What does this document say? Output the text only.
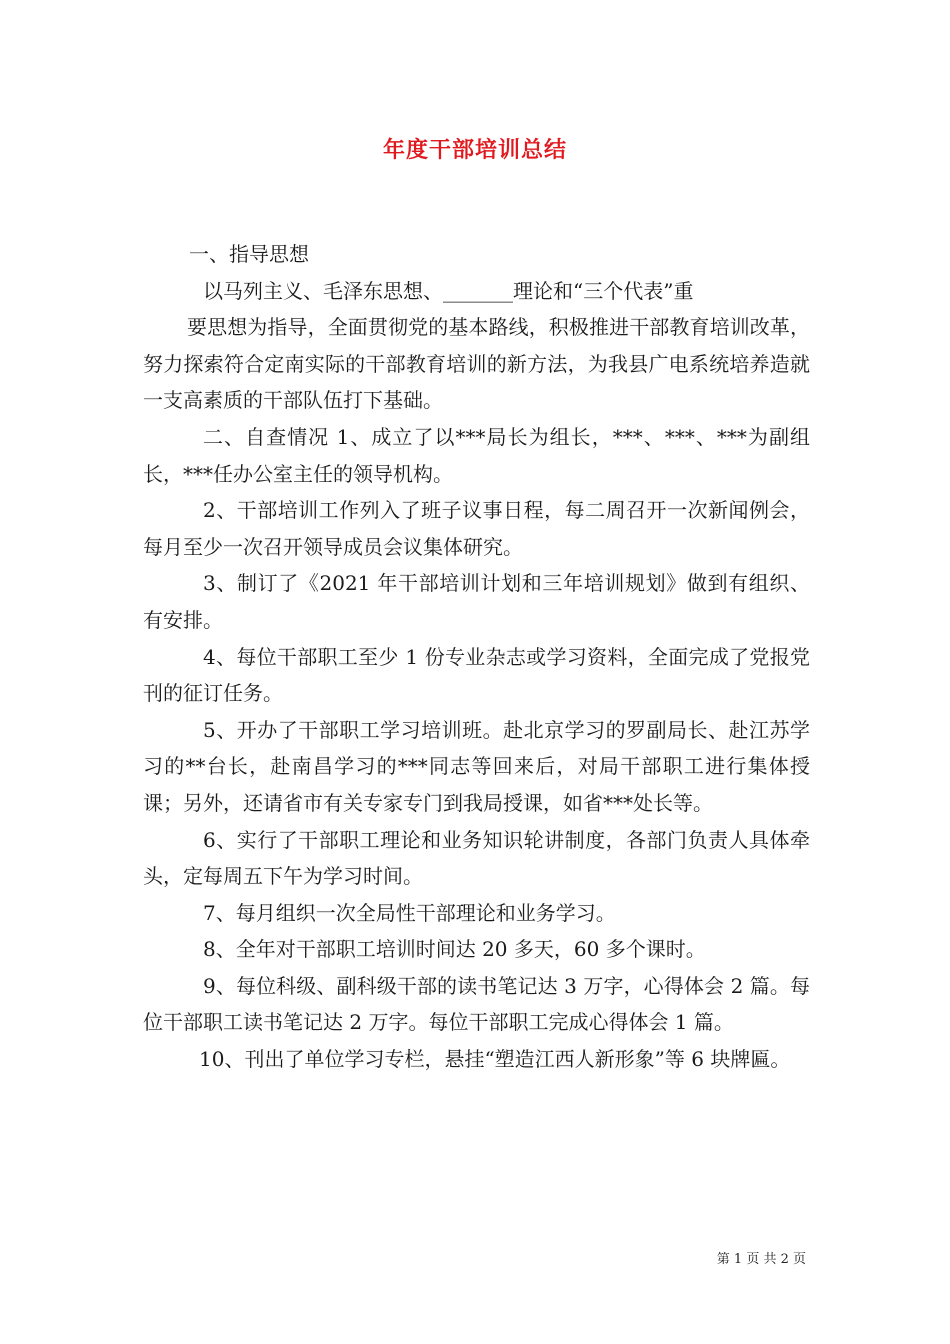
年度干部培训总结

一、指导思想

以马列主义、毛泽东思想、_______理论和“三个代表”重

要思想为指导，全面贯彻党的基本路线，积极推进干部教育培训改革，努力探索符合定南实际的干部教育培训的新方法，为我县广电系统培养造就一支高素质的干部队伍打下基础。

二、自查情况 1、成立了以***局长为组长，***、***、***为副组长，***任办公室主任的领导机构。

2、干部培训工作列入了班子议事日程，每二周召开一次新闻例会，每月至少一次召开领导成员会议集体研究。

3、制订了《2021 年干部培训计划和三年培训规划》做到有组织、有安排。

4、每位干部职工至少 1 份专业杂志或学习资料，全面完成了党报党刊的征订任务。

5、开办了干部职工学习培训班。赴北京学习的罗副局长、赴江苏学习的**台长，赴南昌学习的***同志等回来后，对局干部职工进行集体授课；另外，还请省市有关专家专门到我局授课，如省***处长等。

6、实行了干部职工理论和业务知识轮讲制度，各部门负责人具体牵头，定每周五下午为学习时间。

7、每月组织一次全局性干部理论和业务学习。

8、全年对干部职工培训时间达 20 多天，60 多个课时。

9、每位科级、副科级干部的读书笔记达 3 万字，心得体会 2 篇。每位干部职工读书笔记达 2 万字。每位干部职工完成心得体会 1 篇。

10、刊出了单位学习专栏，悬挂“塑造江西人新形象”等 6 块牌匾。

第 1 页 共 2 页
